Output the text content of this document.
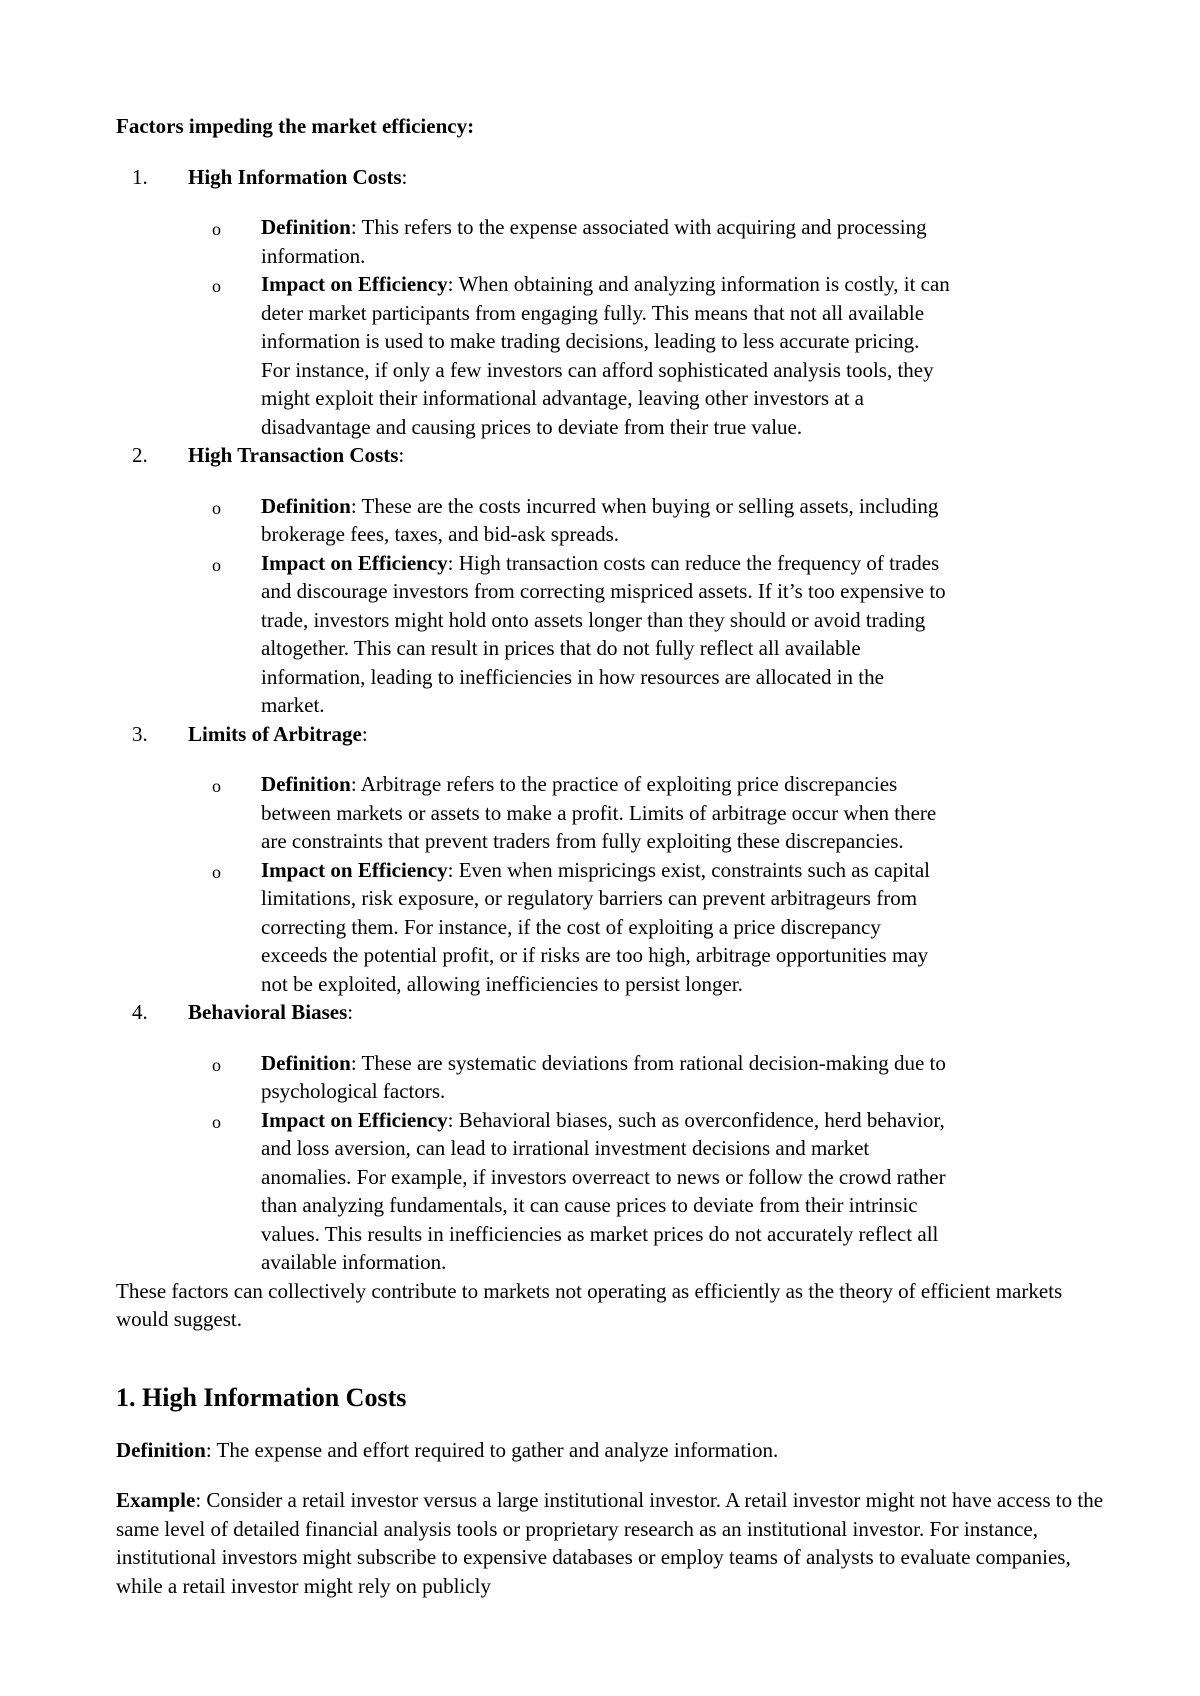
Factors impeding the market efficiency:
1. High Information Costs:
o Definition: This refers to the expense associated with acquiring and processing information.
o Impact on Efficiency: When obtaining and analyzing information is costly, it can deter market participants from engaging fully. This means that not all available information is used to make trading decisions, leading to less accurate pricing. For instance, if only a few investors can afford sophisticated analysis tools, they might exploit their informational advantage, leaving other investors at a disadvantage and causing prices to deviate from their true value.
2. High Transaction Costs:
o Definition: These are the costs incurred when buying or selling assets, including brokerage fees, taxes, and bid-ask spreads.
o Impact on Efficiency: High transaction costs can reduce the frequency of trades and discourage investors from correcting mispriced assets. If it’s too expensive to trade, investors might hold onto assets longer than they should or avoid trading altogether. This can result in prices that do not fully reflect all available information, leading to inefficiencies in how resources are allocated in the market.
3. Limits of Arbitrage:
o Definition: Arbitrage refers to the practice of exploiting price discrepancies between markets or assets to make a profit. Limits of arbitrage occur when there are constraints that prevent traders from fully exploiting these discrepancies.
o Impact on Efficiency: Even when mispricings exist, constraints such as capital limitations, risk exposure, or regulatory barriers can prevent arbitrageurs from correcting them. For instance, if the cost of exploiting a price discrepancy exceeds the potential profit, or if risks are too high, arbitrage opportunities may not be exploited, allowing inefficiencies to persist longer.
4. Behavioral Biases:
o Definition: These are systematic deviations from rational decision-making due to psychological factors.
o Impact on Efficiency: Behavioral biases, such as overconfidence, herd behavior, and loss aversion, can lead to irrational investment decisions and market anomalies. For example, if investors overreact to news or follow the crowd rather than analyzing fundamentals, it can cause prices to deviate from their intrinsic values. This results in inefficiencies as market prices do not accurately reflect all available information.

These factors can collectively contribute to markets not operating as efficiently as the theory of efficient markets would suggest.

1. High Information Costs

Definition: The expense and effort required to gather and analyze information.

Example: Consider a retail investor versus a large institutional investor. A retail investor might not have access to the same level of detailed financial analysis tools or proprietary research as an institutional investor. For instance, institutional investors might subscribe to expensive databases or employ teams of analysts to evaluate companies, while a retail investor might rely on publicly
